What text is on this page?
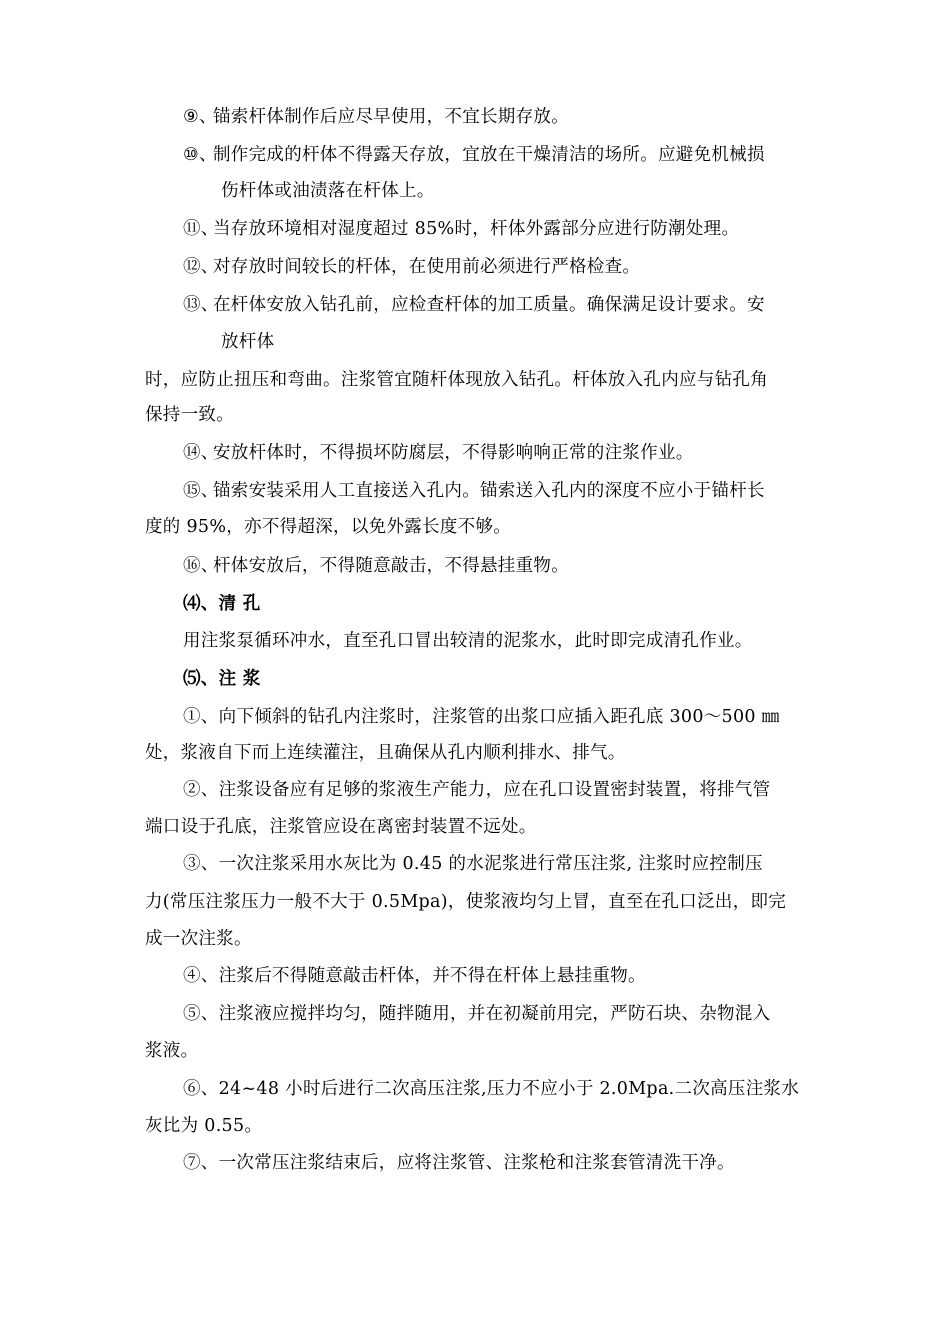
⑨、锚索杆体制作后应尽早使用，不宜长期存放。
⑩、制作完成的杆体不得露天存放，宜放在干燥清洁的场所。应避免机械损
伤杆体或油渍落在杆体上。
⑪、当存放环境相对湿度超过 85%时，杆体外露部分应进行防潮处理。
⑫、对存放时间较长的杆体，在使用前必须进行严格检查。
⑬、在杆体安放入钻孔前，应检查杆体的加工质量。确保满足设计要求。安
放杆体
时，应防止扭压和弯曲。注浆管宜随杆体现放入钻孔。杆体放入孔内应与钻孔角
保持一致。
⑭、安放杆体时，不得损坏防腐层，不得影响响正常的注浆作业。
⑮、锚索安装采用人工直接送入孔内。锚索送入孔内的深度不应小于锚杆长
度的 95%，亦不得超深，以免外露长度不够。
⑯、杆体安放后，不得随意敲击，不得悬挂重物。
⑷、清 孔
用注浆泵循环冲水，直至孔口冒出较清的泥浆水，此时即完成清孔作业。
⑸、注 浆
①、向下倾斜的钻孔内注浆时，注浆管的出浆口应插入距孔底 300～500 ㎜
处，浆液自下而上连续灌注，且确保从孔内顺利排水、排气。
②、注浆设备应有足够的浆液生产能力，应在孔口设置密封装置，将排气管
端口设于孔底，注浆管应设在离密封装置不远处。
③、一次注浆采用水灰比为 0.45 的水泥浆进行常压注浆, 注浆时应控制压
力(常压注浆压力一般不大于 0.5Mpa)，使浆液均匀上冒，直至在孔口泛出，即完
成一次注浆。
④、注浆后不得随意敲击杆体，并不得在杆体上悬挂重物。
⑤、注浆液应搅拌均匀，随拌随用，并在初凝前用完，严防石块、杂物混入
浆液。
⑥、24~48 小时后进行二次高压注浆,压力不应小于 2.0Mpa.二次高压注浆水
灰比为 0.55。
⑦、一次常压注浆结束后，应将注浆管、注浆枪和注浆套管清洗干净。
